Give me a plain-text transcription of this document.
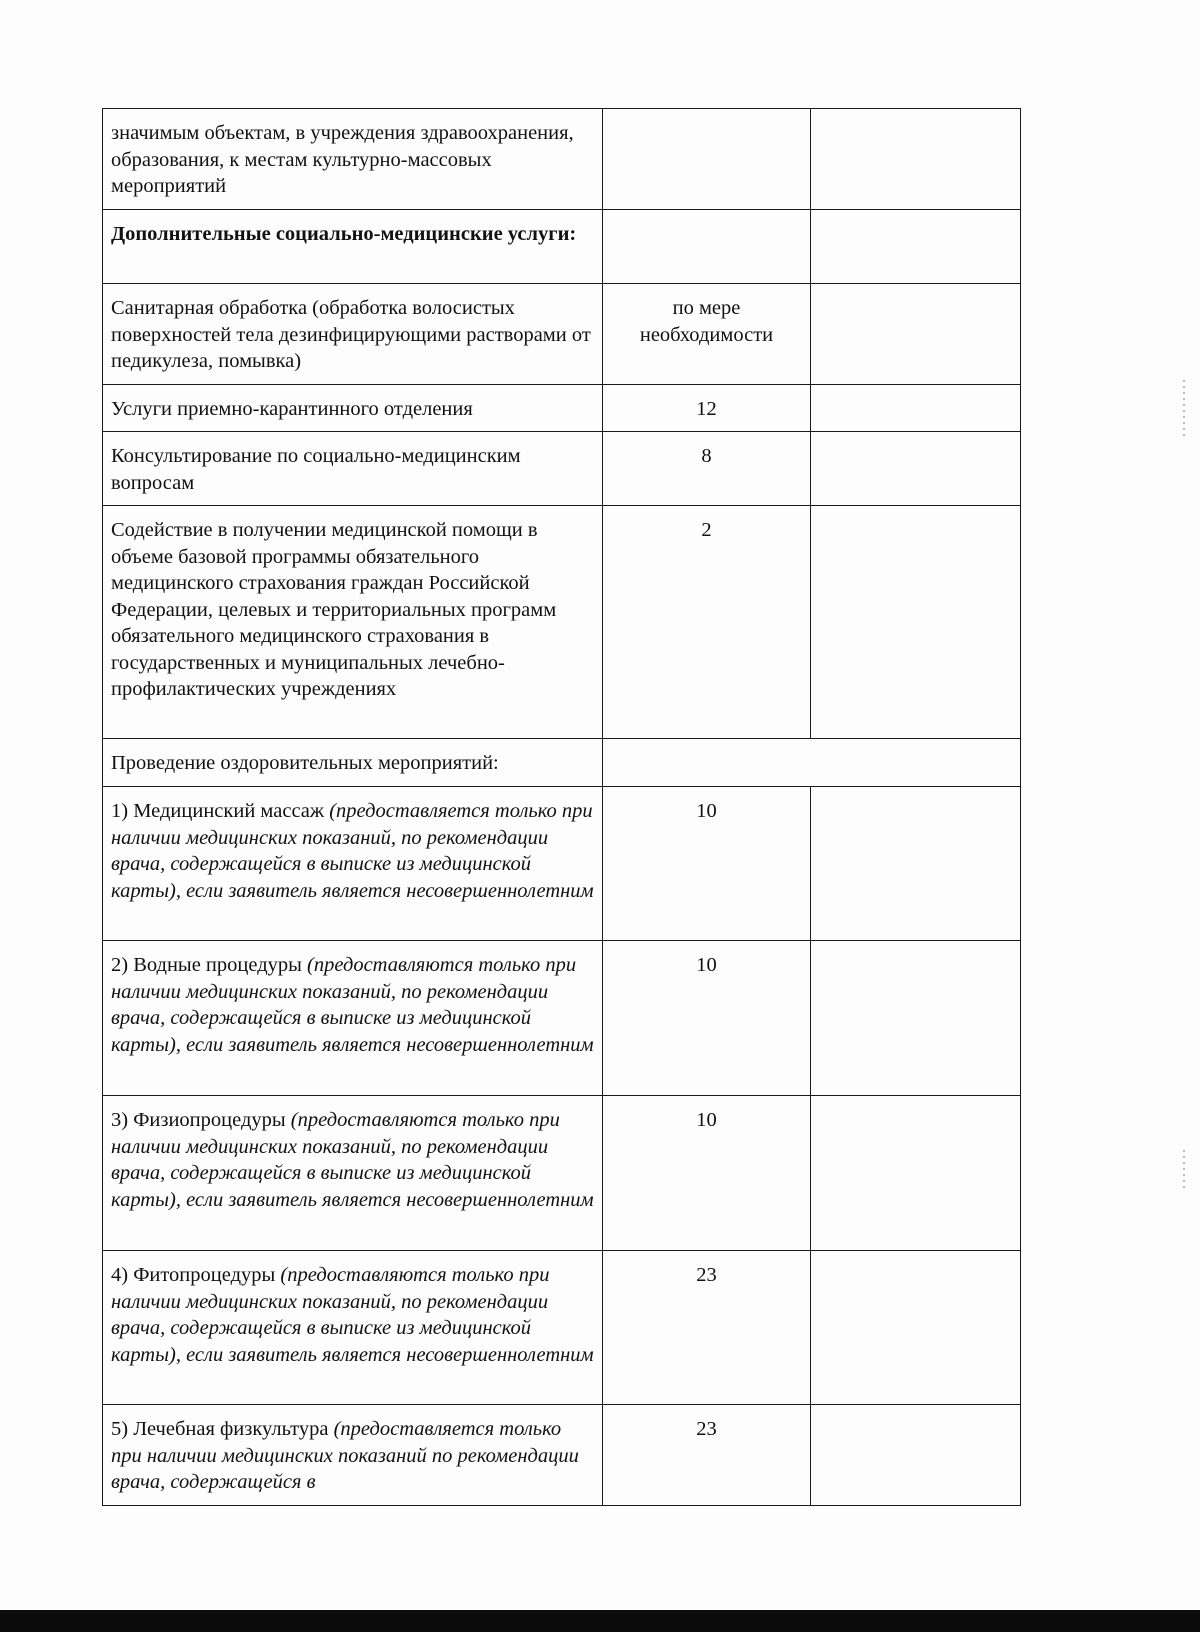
значимым объектам, в учреждения здравоохранения, образования, к местам культурно-массовых мероприятий		
Дополнительные социально-медицинские услуги:		
Санитарная обработка (обработка волосистых поверхностей тела дезинфицирующими растворами от педикулеза, помывка)	по мере необходимости	
Услуги приемно-карантинного отделения	12	
Консультирование по социально-медицинским вопросам	8	
Содействие в получении медицинской помощи в объеме базовой программы обязательного медицинского страхования граждан Российской Федерации, целевых и территориальных программ обязательного медицинского страхования в государственных и муниципальных лечебно-профилактических учреждениях	2	
Проведение оздоровительных мероприятий:		
1) Медицинский массаж (предоставляется только при наличии медицинских показаний, по рекомендации врача, содержащейся в выписке из медицинской карты), если заявитель является несовершеннолетним	10	
2) Водные процедуры (предоставляются только при наличии медицинских показаний, по рекомендации врача, содержащейся в выписке из медицинской карты), если заявитель является несовершеннолетним	10	
3) Физиопроцедуры (предоставляются только при наличии медицинских показаний, по рекомендации врача, содержащейся в выписке из медицинской карты), если заявитель является несовершеннолетним	10	
4) Фитопроцедуры (предоставляются только при наличии медицинских показаний, по рекомендации врача, содержащейся в выписке из медицинской карты), если заявитель является несовершеннолетним	23	
5) Лечебная физкультура (предоставляется только при наличии медицинских показаний по рекомендации врача, содержащейся в	23	
